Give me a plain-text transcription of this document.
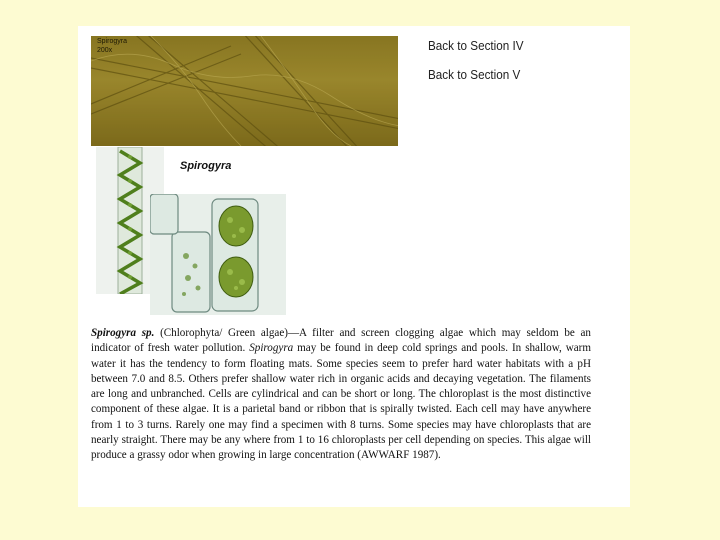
Spirogyra
200x	Back to Section IV
Back to Section V
Spirogyra

Spirogyra sp. (Chlorophyta/ Green algae)—A filter and screen clogging algae which may seldom be an indicator of fresh water pollution. Spirogyra may be found in deep cold springs and pools. In shallow, warm water it has the tendency to form floating mats. Some species seem to prefer hard water habitats with a pH between 7.0 and 8.5. Others prefer shallow water rich in organic acids and decaying vegetation. The filaments are long and unbranched. Cells are cylindrical and can be short or long. The chloroplast is the most distinctive component of these algae. It is a parietal band or ribbon that is spirally twisted. Each cell may have anywhere from 1 to 3 turns. Rarely one may find a specimen with 8 turns. Some species may have chloroplasts that are nearly straight. There may be any where from 1 to 16 chloroplasts per cell depending on species. This algae will produce a grassy odor when growing in large concentration (AWWARF 1987).
